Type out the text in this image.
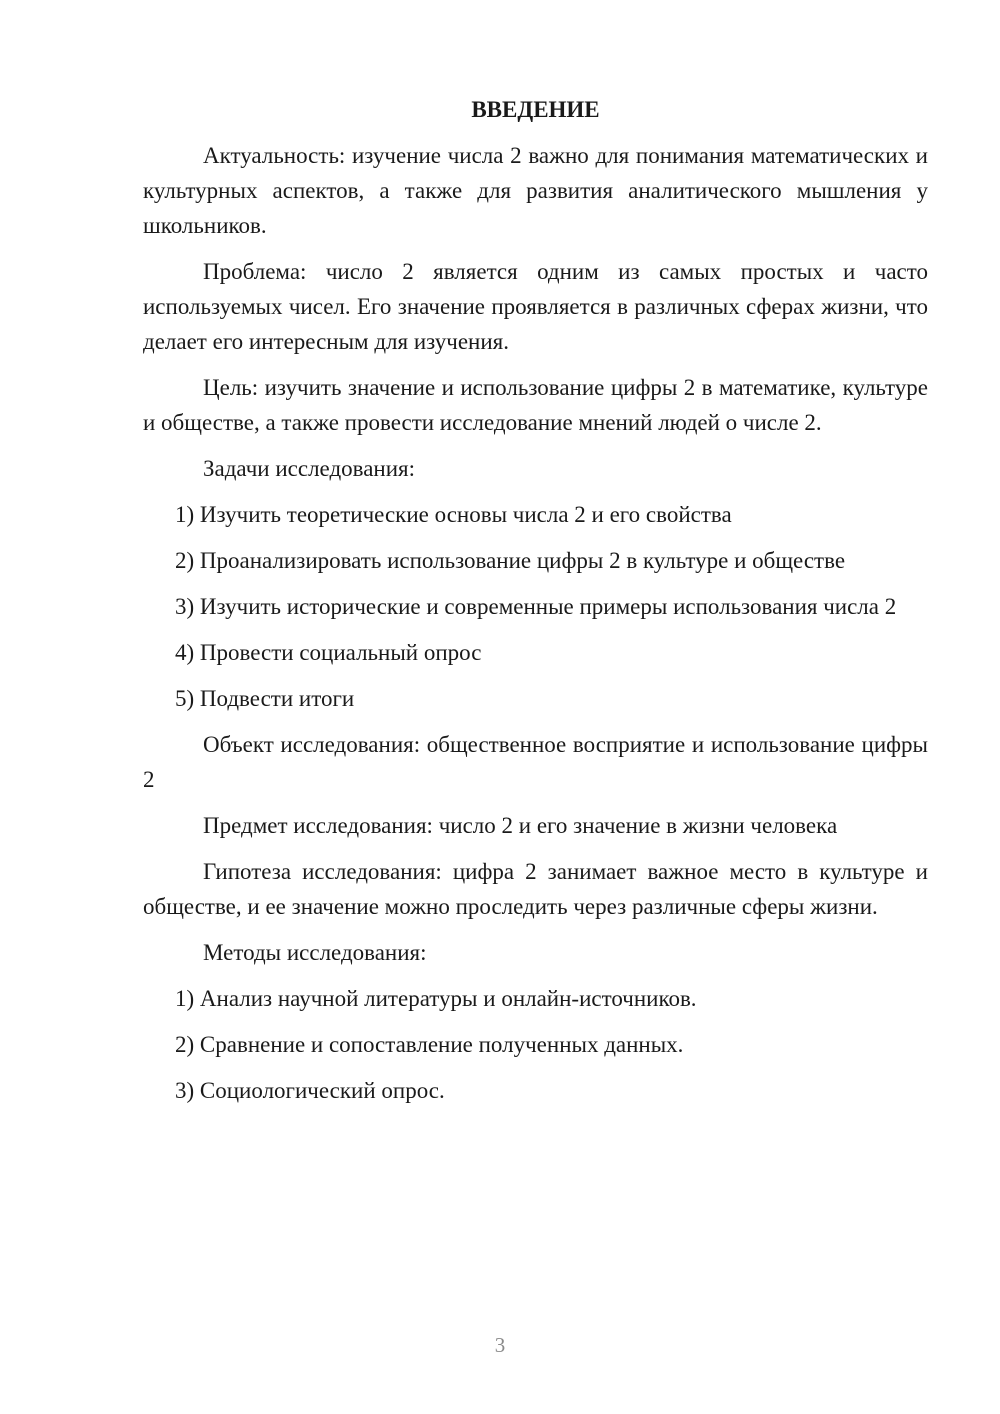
ВВЕДЕНИЕ

Актуальность: изучение числа 2 важно для понимания математических и культурных аспектов, а также для развития аналитического мышления у школьников.

Проблема: число 2 является одним из самых простых и часто используемых чисел. Его значение проявляется в различных сферах жизни, что делает его интересным для изучения.

Цель: изучить значение и использование цифры 2 в математике, культуре и обществе, а также провести исследование мнений людей о числе 2.

Задачи исследования:

1) Изучить теоретические основы числа 2 и его свойства

2) Проанализировать использование цифры 2 в культуре и обществе

3) Изучить исторические и современные примеры использования числа 2

4) Провести социальный опрос

5) Подвести итоги

Объект исследования: общественное восприятие и использование цифры 2

Предмет исследования: число 2 и его значение в жизни человека

Гипотеза исследования: цифра 2 занимает важное место в культуре и обществе, и ее значение можно проследить через различные сферы жизни.

Методы исследования:

1) Анализ научной литературы и онлайн-источников.

2) Сравнение и сопоставление полученных данных.

3) Социологический опрос.

3
